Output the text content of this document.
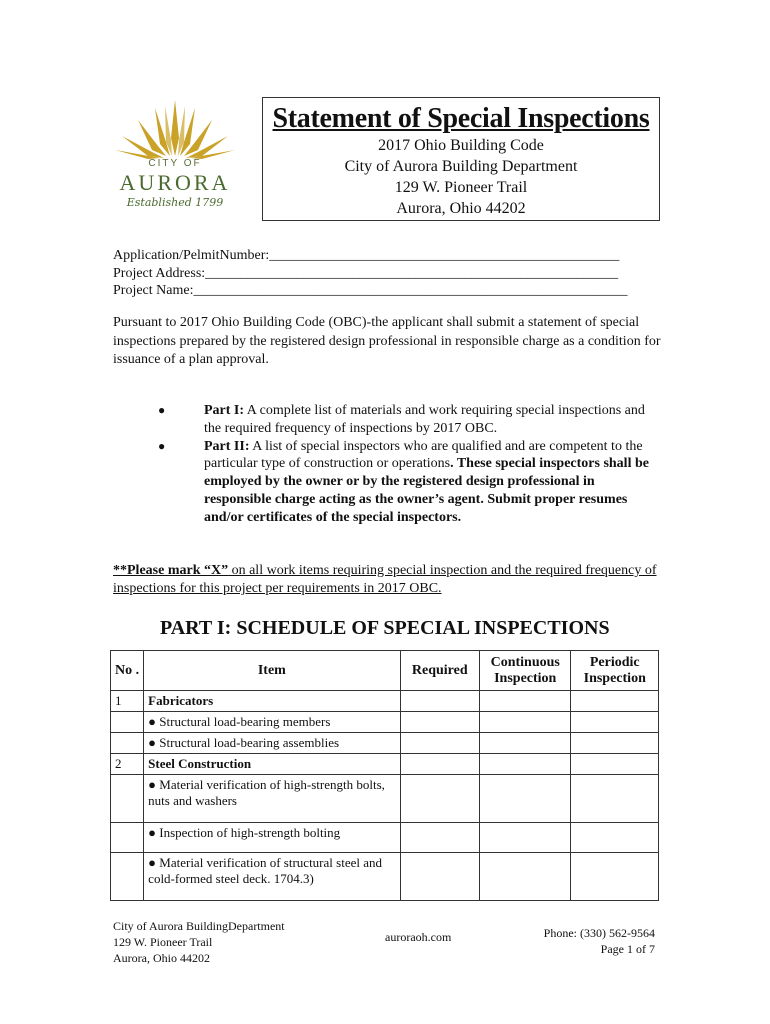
CITY OF
AURORA
Established 1799
Statement of Special Inspections
2017 Ohio Building Code
City of Aurora Building Department
129 W. Pioneer Trail
Aurora, Ohio 44202
Application/PelmitNumber:__________________________________________________
Project Address:___________________________________________________________
Project Name:______________________________________________________________
Pursuant to 2017 Ohio Building Code (OBC)-the applicant shall submit a statement of special inspections prepared by the registered design professional in responsible charge as a condition for issuance of a plan approval.
●	Part I: A complete list of materials and work requiring special inspections and the required frequency of inspections by 2017 OBC.
●	Part II: A list of special inspectors who are qualified and are competent to the particular type of construction or operations. These special inspectors shall be employed by the owner or by the registered design professional in responsible charge acting as the owner’s agent. Submit proper resumes and/or certificates of the special inspectors.
**Please mark “X” on all work items requiring special inspection and the required frequency of inspections for this project per requirements in 2017 OBC.
PART I: SCHEDULE OF SPECIAL INSPECTIONS
No .	Item	Required	Continuous Inspection	Periodic Inspection
1	Fabricators			
	● Structural load-bearing members			
	● Structural load-bearing assemblies			
2	Steel Construction			
	● Material verification of high-strength bolts, nuts and washers			
	● Inspection of high-strength bolting			
	● Material verification of structural steel and cold-formed steel deck. 1704.3)			
City of Aurora BuildingDepartment
129 W. Pioneer Trail
Aurora, Ohio 44202
auroraoh.com	Phone: (330) 562-9564
Page 1 of 7
